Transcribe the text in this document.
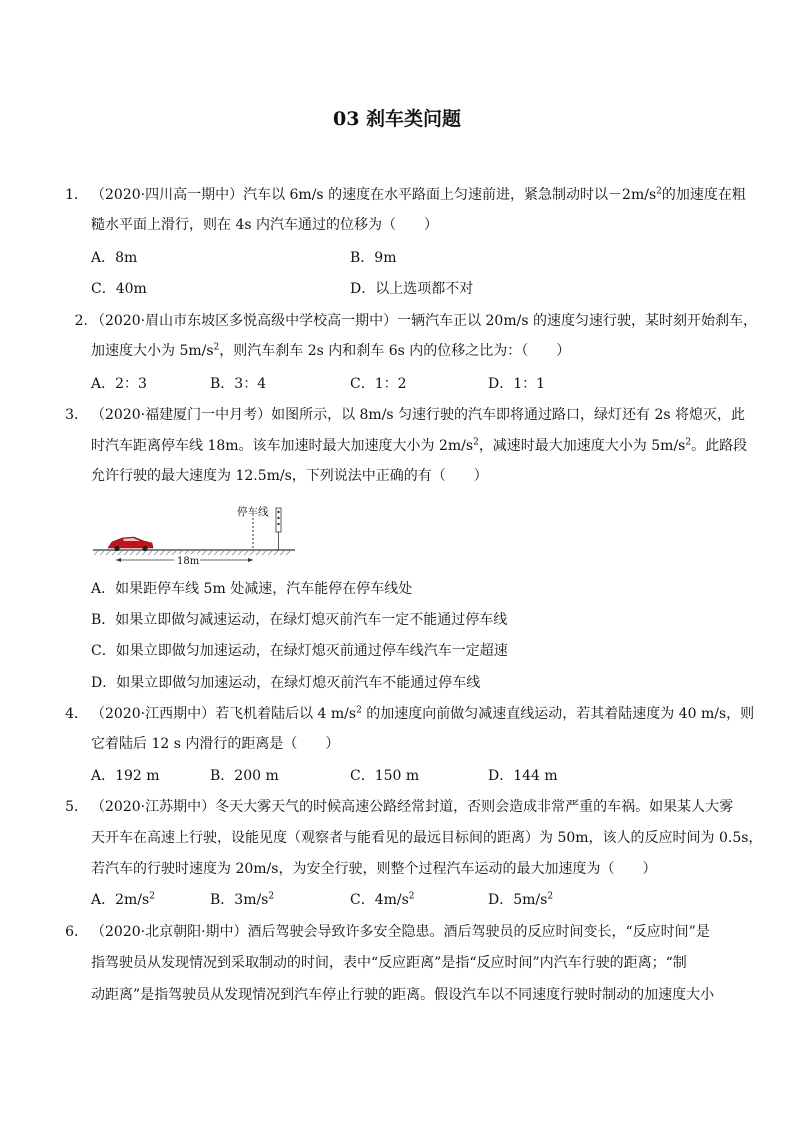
03 刹车类问题
1． （2020·四川高一期中）汽车以 6m/s 的速度在水平路面上匀速前进，紧急制动时以$-2m/s^2$的加速度在粗
糙水平面上滑行，则在 4s 内汽车通过的位移为（　　）
A．8m	B．9m
C．40m	D．以上选项都不对
2. （2020·眉山市东坡区多悦高级中学校高一期中）一辆汽车正以 20m/s 的速度匀速行驶，某时刻开始刹车，
加速度大小为 $5m/s^2$，则汽车刹车 2s 内和刹车 6s 内的位移之比为：（　　）
A．2：3	B．3：4	C．1：2	D．1：1
3． （2020·福建厦门一中月考）如图所示，以 8m/s 匀速行驶的汽车即将通过路口，绿灯还有 2s 将熄灭，此
时汽车距离停车线 18m。该车加速时最大加速度大小为 $2m/s^2$，减速时最大加速度大小为 $5m/s^2$。此路段
允许行驶的最大速度为 12.5m/s，下列说法中正确的有（　　）
停车线
18m
A．如果距停车线 5m 处减速，汽车能停在停车线处
B．如果立即做匀减速运动，在绿灯熄灭前汽车一定不能通过停车线
C．如果立即做匀加速运动，在绿灯熄灭前通过停车线汽车一定超速
D．如果立即做匀加速运动，在绿灯熄灭前汽车不能通过停车线
4． （2020·江西期中）若飞机着陆后以 4 $m/s^2$ 的加速度向前做匀减速直线运动，若其着陆速度为 40 m/s，则
它着陆后 12 s 内滑行的距离是（　　）
A．192 m	B．200 m	C．150 m	D．144 m
5． （2020·江苏期中）冬天大雾天气的时候高速公路经常封道，否则会造成非常严重的车祸。如果某人大雾
天开车在高速上行驶，设能见度（观察者与能看见的最远目标间的距离）为 50m，该人的反应时间为 0.5s，
若汽车的行驶时速度为 20m/s，为安全行驶，则整个过程汽车运动的最大加速度为（　　）
A．$2m/s^2$	B．$3m/s^2$	C．$4m/s^2$	D．$5m/s^2$
6． （2020·北京朝阳·期中）酒后驾驶会导致许多安全隐患。酒后驾驶员的反应时间变长，“反应时间”是
指驾驶员从发现情况到采取制动的时间，表中“反应距离”是指“反应时间”内汽车行驶的距离；“制
动距离”是指驾驶员从发现情况到汽车停止行驶的距离。假设汽车以不同速度行驶时制动的加速度大小
